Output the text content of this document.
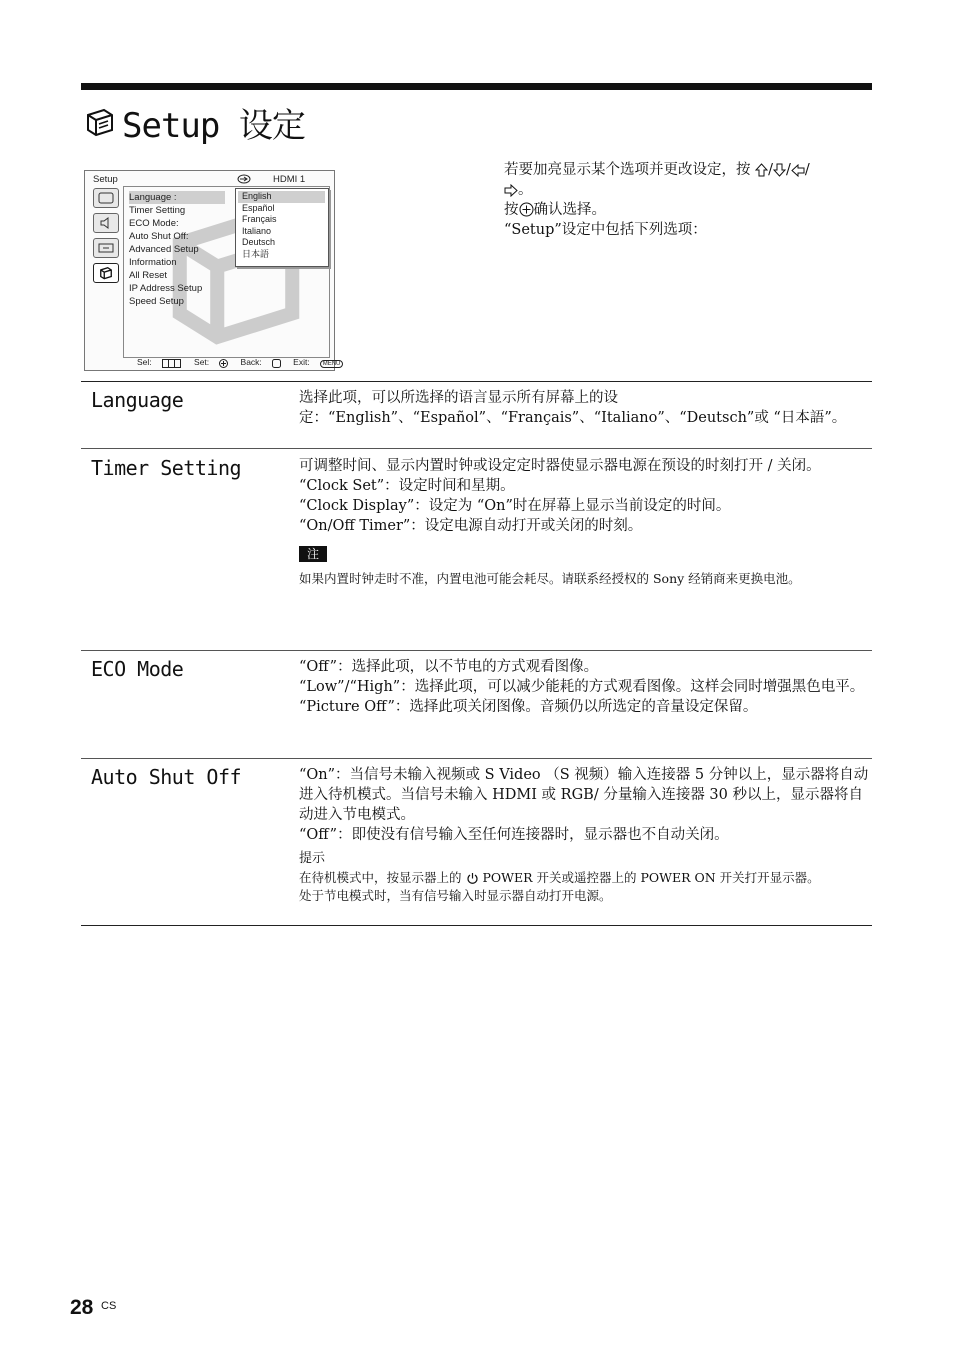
Setup 设定
Setup	HDMI 1
Language :
Timer Setting
ECO Mode:
Auto Shut Off:
Advanced Setup
Information
All Reset
IP Address Setup
Speed Setup
English
Español
Français
Italiano
Deutsch
日本語
Sel:	Set:	Back:	Exit: MENU

若要加亮显示某个选项并更改设定，按 / / /

。

按 确认选择。

“Setup”设定中包括下列选项：

Language	选择此项，可以所选择的语言显示所有屏幕上的设定：“English”、“Español”、“Français”、“Italiano”、“Deutsch”或 “日本語”。

Timer Setting	可调整时间、显示内置时钟或设定定时器使显示器电源在预设的时刻打开 / 关闭。

“Clock Set”：设定时间和星期。

“Clock Display”：设定为 “On”时在屏幕上显示当前设定的时间。

“On/Off Timer”：设定电源自动打开或关闭的时刻。

注

如果内置时钟走时不准，内置电池可能会耗尽。请联系经授权的 Sony 经销商来更换电池。

ECO Mode	“Off”：选择此项，以不节电的方式观看图像。

“Low”/“High”：选择此项，可以减少能耗的方式观看图像。这样会同时增强黑色电平。

“Picture Off”：选择此项关闭图像。音频仍以所选定的音量设定保留。

Auto Shut Off	“On”：当信号未输入视频或 S Video （S 视频）输入连接器 5 分钟以上，显示器将自动进入待机模式。当信号未输入 HDMI 或 RGB/ 分量输入连接器 30 秒以上，显示器将自动进入节电模式。

“Off”：即使没有信号输入至任何连接器时，显示器也不自动关闭。

提示

在待机模式中，按显示器上的 POWER 开关或遥控器上的 POWER ON 开关打开显示器。

处于节电模式时，当有信号输入时显示器自动打开电源。

28 CS
